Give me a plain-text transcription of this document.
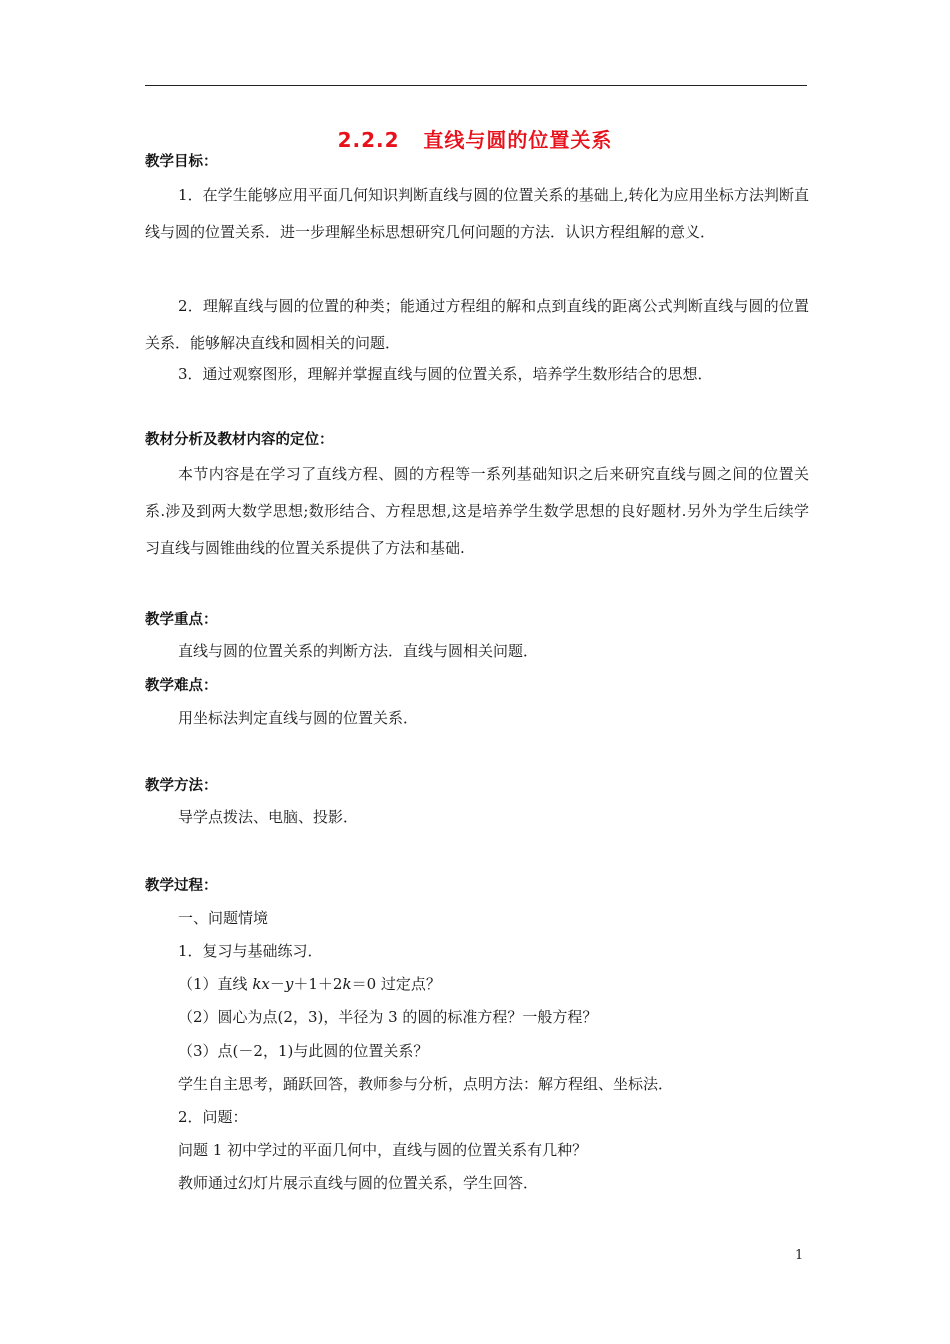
2.2.2   直线与圆的位置关系
教学目标：
1．在学生能够应用平面几何知识判断直线与圆的位置关系的基础上,转化为应用坐标方法判断直线与圆的位置关系．进一步理解坐标思想研究几何问题的方法．认识方程组解的意义．
2．理解直线与圆的位置的种类；能通过方程组的解和点到直线的距离公式判断直线与圆的位置关系．能够解决直线和圆相关的问题．
3．通过观察图形，理解并掌握直线与圆的位置关系，培养学生数形结合的思想．
教材分析及教材内容的定位：
本节内容是在学习了直线方程、圆的方程等一系列基础知识之后来研究直线与圆之间的位置关系.涉及到两大数学思想;数形结合、方程思想,这是培养学生数学思想的良好题材.另外为学生后续学习直线与圆锥曲线的位置关系提供了方法和基础.
教学重点：
直线与圆的位置关系的判断方法．直线与圆相关问题．
教学难点：
用坐标法判定直线与圆的位置关系．
教学方法：
导学点拨法、电脑、投影．
教学过程：
一、问题情境
1．复习与基础练习．
（1）直线 kx－y＋1＋2k＝0 过定点？
（2）圆心为点(2，3)，半径为 3 的圆的标准方程？一般方程？
（3）点(－2，1)与此圆的位置关系？
学生自主思考，踊跃回答，教师参与分析，点明方法：解方程组、坐标法．
2．问题：
问题 1 初中学过的平面几何中，直线与圆的位置关系有几种？
教师通过幻灯片展示直线与圆的位置关系，学生回答．
1
